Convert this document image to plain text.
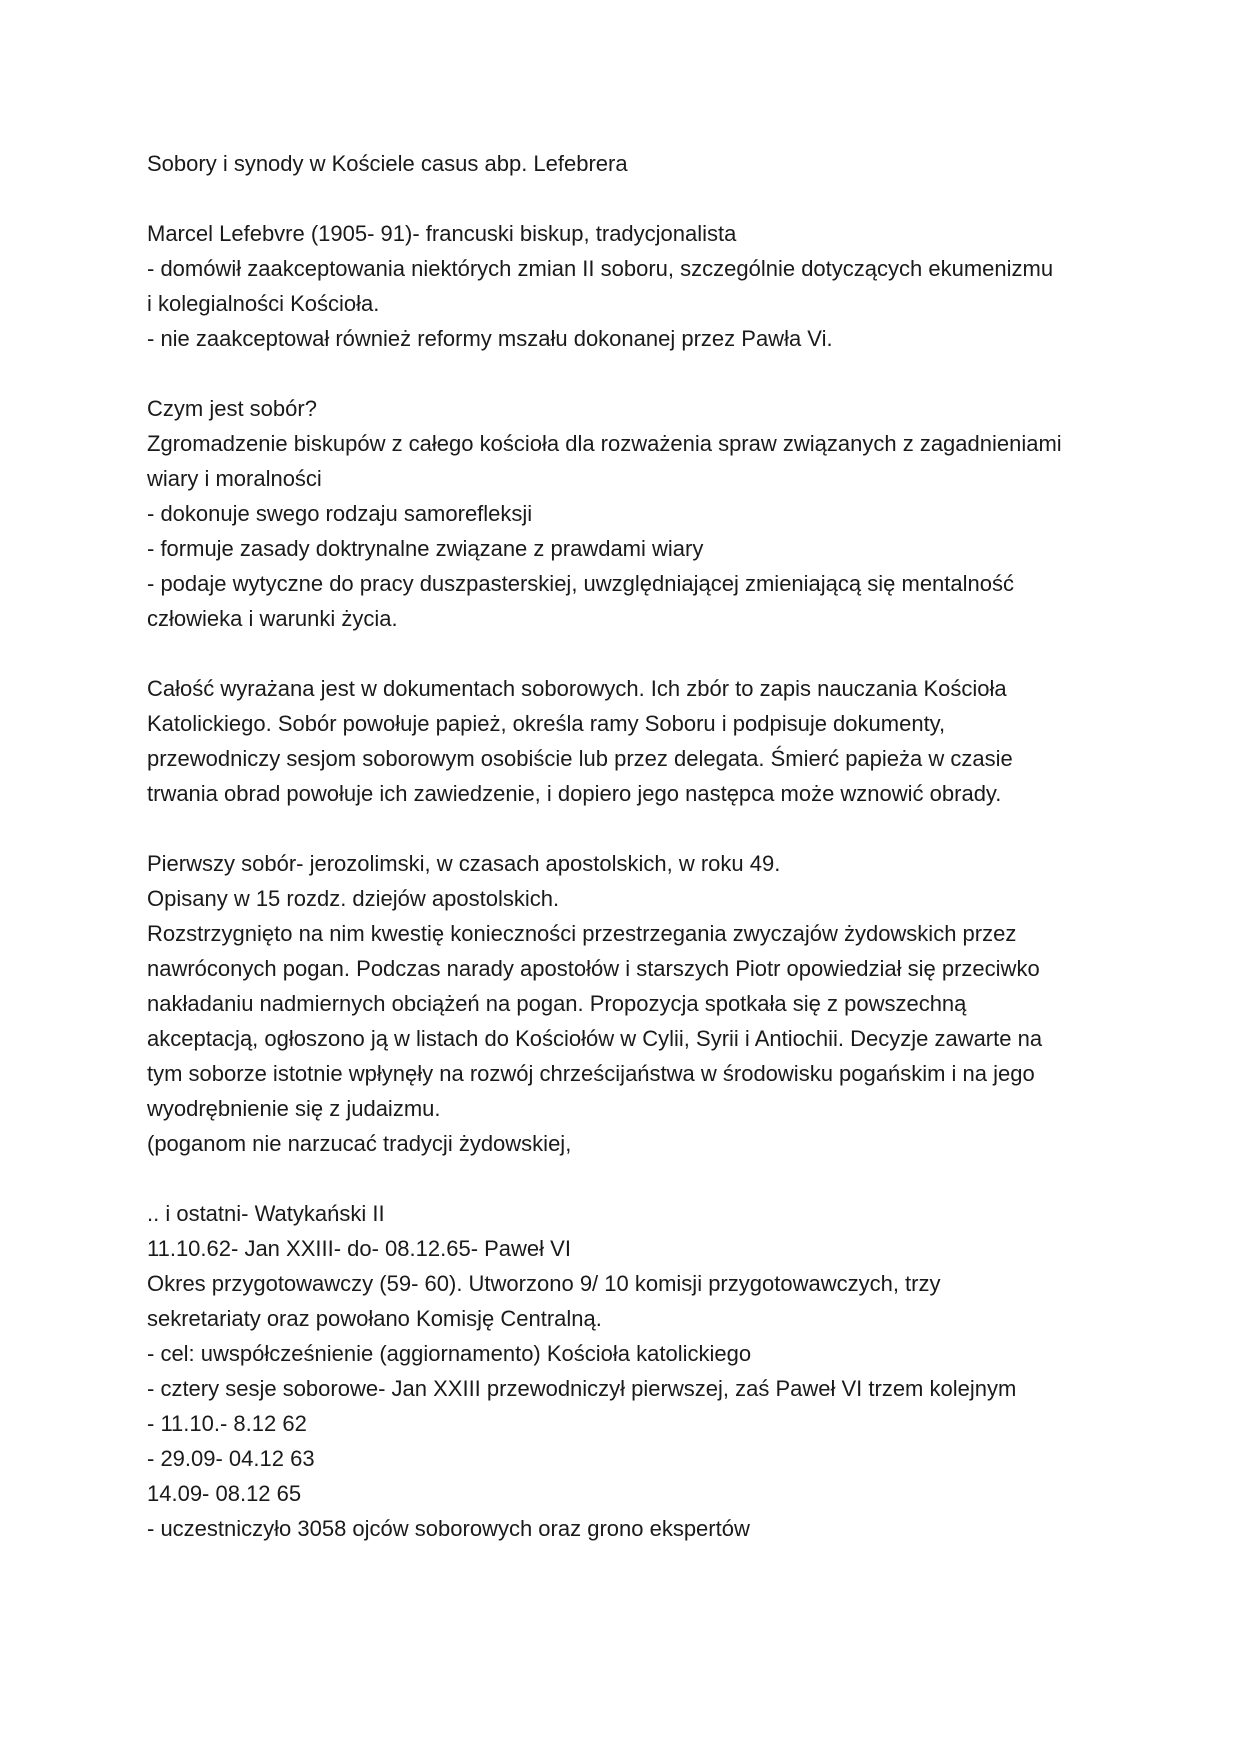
Sobory i synody w Kościele casus abp. Lefebrera
Marcel Lefebvre (1905- 91)- francuski biskup, tradycjonalista
- domówił zaakceptowania niektórych zmian II soboru, szczególnie dotyczących ekumenizmu
i kolegialności Kościoła.
- nie zaakceptował również reformy mszału dokonanej przez Pawła Vi.
Czym jest sobór?
Zgromadzenie biskupów z całego kościoła dla rozważenia spraw związanych z zagadnieniami
wiary i moralności
- dokonuje swego rodzaju samorefleksji
- formuje zasady doktrynalne związane z prawdami wiary
- podaje wytyczne do pracy duszpasterskiej, uwzględniającej zmieniającą się mentalność
człowieka i warunki życia.
Całość wyrażana jest w dokumentach soborowych. Ich zbór to zapis nauczania Kościoła
Katolickiego. Sobór powołuje papież, określa ramy Soboru i podpisuje dokumenty,
przewodniczy sesjom soborowym osobiście lub przez delegata. Śmierć papieża w czasie
trwania obrad powołuje ich zawiedzenie, i dopiero jego następca może wznowić obrady.
Pierwszy sobór- jerozolimski, w czasach apostolskich, w roku 49.
Opisany w 15 rozdz. dziejów apostolskich.
Rozstrzygnięto na nim kwestię konieczności przestrzegania zwyczajów żydowskich przez
nawróconych pogan. Podczas narady apostołów i starszych Piotr opowiedział się przeciwko
nakładaniu nadmiernych obciążeń na pogan. Propozycja spotkała się z powszechną
akceptacją, ogłoszono ją w listach do Kościołów w Cylii, Syrii i Antiochii. Decyzje zawarte na
tym soborze istotnie wpłynęły na rozwój chrześcijaństwa w środowisku pogańskim i na jego
wyodrębnienie się z judaizmu.
(poganom nie narzucać tradycji żydowskiej,
.. i ostatni- Watykański II
11.10.62- Jan XXIII- do- 08.12.65- Paweł VI
Okres przygotowawczy (59- 60). Utworzono 9/ 10 komisji przygotowawczych, trzy
sekretariaty oraz powołano Komisję Centralną.
- cel: uwspółcześnienie (aggiornamento) Kościoła katolickiego
- cztery sesje soborowe- Jan XXIII przewodniczył pierwszej, zaś Paweł VI trzem kolejnym
- 11.10.- 8.12 62
- 29.09- 04.12 63
14.09- 08.12 65
- uczestniczyło 3058 ojców soborowych oraz grono ekspertów
